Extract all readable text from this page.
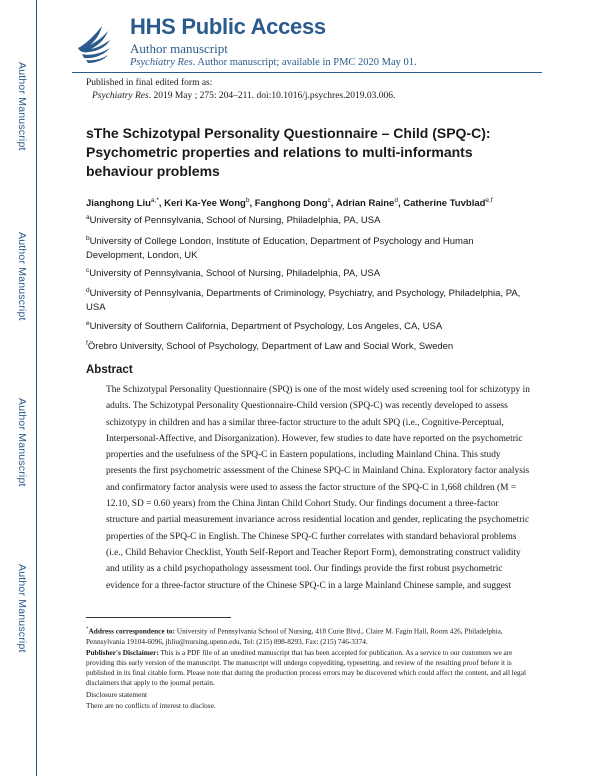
Author Manuscript
Author Manuscript
Author Manuscript
Author Manuscript
HHS Public Access
Author manuscript
Psychiatry Res. Author manuscript; available in PMC 2020 May 01.
Published in final edited form as:
Psychiatry Res. 2019 May ; 275: 204–211. doi:10.1016/j.psychres.2019.03.006.
sThe Schizotypal Personality Questionnaire – Child (SPQ-C): Psychometric properties and relations to multi-informants behaviour problems
Jianghong Liu$^{a,*}$, Keri Ka-Yee Wong$^b$, Fanghong Dong$^c$, Adrian Raine$^d$, Catherine Tuvblad$^{e,f}$
$^a$University of Pennsylvania, School of Nursing, Philadelphia, PA, USA
$^b$University of College London, Institute of Education, Department of Psychology and Human Development, London, UK
$^c$University of Pennsylvania, School of Nursing, Philadelphia, PA, USA
$^d$University of Pennsylvania, Departments of Criminology, Psychiatry, and Psychology, Philadelphia, PA, USA
$^e$University of Southern California, Department of Psychology, Los Angeles, CA, USA
$^f$Örebro University, School of Psychology, Department of Law and Social Work, Sweden
Abstract
The Schizotypal Personality Questionnaire (SPQ) is one of the most widely used screening tool for schizotypy in adults. The Schizotypal Personality Questionnaire-Child version (SPQ-C) was recently developed to assess schizotypy in children and has a similar three-factor structure to the adult SPQ (i.e., Cognitive-Perceptual, Interpersonal-Affective, and Disorganization). However, few studies to date have reported on the psychometric properties and the usefulness of the SPQ-C in Eastern populations, including Mainland China. This study presents the first psychometric assessment of the Chinese SPQ-C in Mainland China. Exploratory factor analysis and confirmatory factor analysis were used to assess the factor structure of the SPQ-C in 1,668 children (M = 12.10, SD = 0.60 years) from the China Jintan Child Cohort Study. Our findings document a three-factor structure and partial measurement invariance across residential location and gender, replicating the psychometric properties of the SPQ-C in English. The Chinese SPQ-C further correlates with standard behavioral problems (i.e., Child Behavior Checklist, Youth Self-Report and Teacher Report Form), demonstrating construct validity and utility as a child psychopathology assessment tool. Our findings provide the first robust psychometric evidence for a three-factor structure of the Chinese SPQ-C in a large Mainland Chinese sample, and suggest

*Address correspondence to: University of Pennsylvania School of Nursing, 418 Curie Blvd., Claire M. Fagin Hall, Room 426, Philadelphia, Pennsylvania 19104-6096, jhliu@nursing.upenn.edu, Tel: (215) 898-8293, Fax: (215) 746-3374.

Publisher's Disclaimer: This is a PDF file of an unedited manuscript that has been accepted for publication. As a service to our customers we are providing this early version of the manuscript. The manuscript will undergo copyediting, typesetting, and review of the resulting proof before it is published in its final citable form. Please note that during the production process errors may be discovered which could affect the content, and all legal disclaimers that apply to the journal pertain.

Disclosure statement

There are no conflicts of interest to disclose.
